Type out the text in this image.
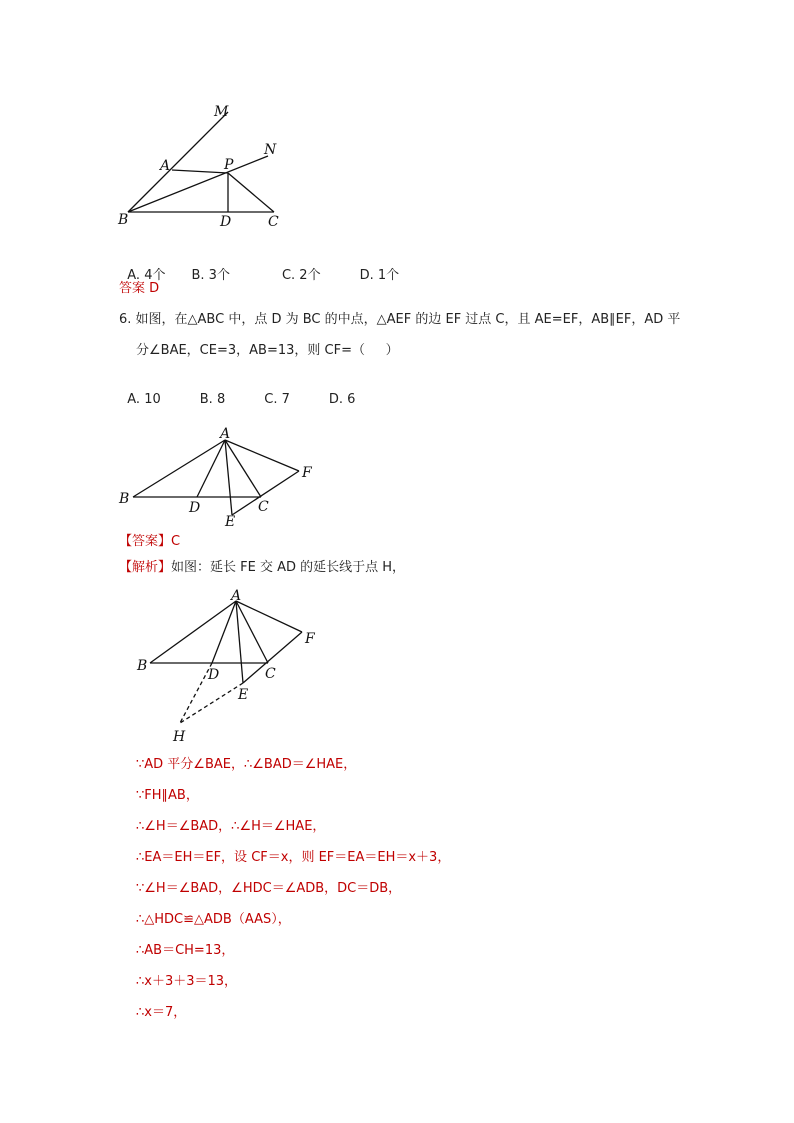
M
A	P
N
B	D	C

A. 4个　　 B. 3个　　　　	C. 2个　　　	D. 1个

答案 D
6. 如图，在△ABC 中，点 D 为 BC 的中点，△AEF 的边 EF 过点 C，且 AE=EF，AB∥EF，AD 平
分∠BAE，CE=3，AB=13，则 CF=（     ）

A. 10　　　	B. 8　　　	C. 7　　　	D. 6

A
F
B
D	C
E
【答案】C
【解析】如图：延长 FE 交 AD 的延长线于点 H，
A
F
B
D	C
E
H
∵AD 平分∠BAE，∴∠BAD＝∠HAE，
∵FH∥AB，
∴∠H＝∠BAD，∴∠H＝∠HAE，
∴EA＝EH＝EF，设 CF＝x，则 EF＝EA＝EH＝x＋3，
∵∠H＝∠BAD，∠HDC＝∠ADB，DC＝DB，
∴△HDC≌△ADB（AAS），
∴AB＝CH=13，
∴x＋3＋3＝13，
∴x＝7，
